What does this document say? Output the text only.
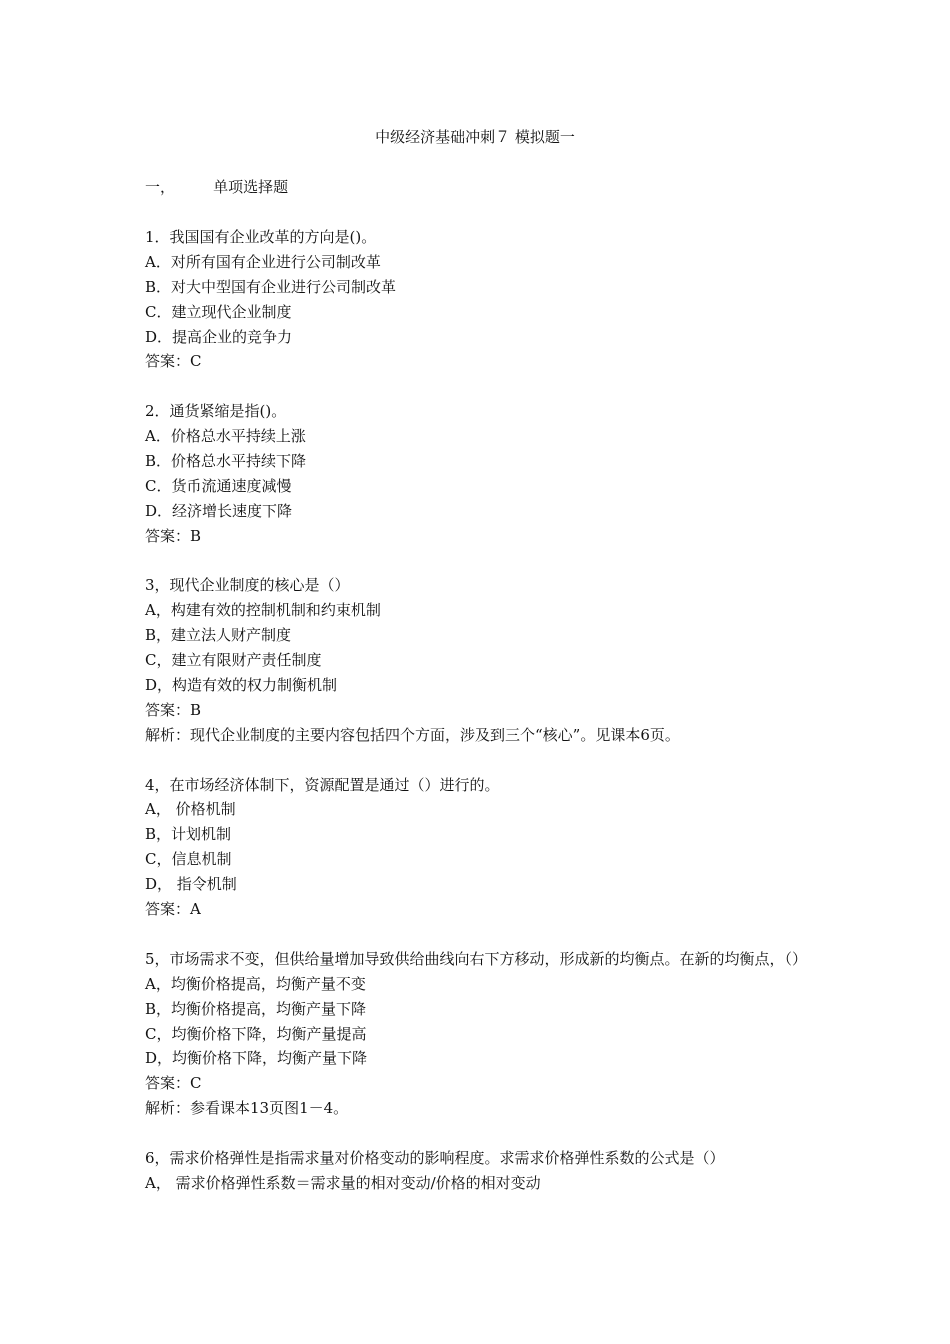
中级经济基础冲刺７ 模拟题一
一，        单项选择题
1．我国国有企业改革的方向是()。
A．对所有国有企业进行公司制改革
B．对大中型国有企业进行公司制改革
C．建立现代企业制度
D．提高企业的竞争力
答案：C
2．通货紧缩是指()。
A．价格总水平持续上涨
B．价格总水平持续下降
C．货币流通速度减慢
D．经济增长速度下降
答案：B
3，现代企业制度的核心是（）
A，构建有效的控制机制和约束机制
B，建立法人财产制度
C，建立有限财产责任制度
D，构造有效的权力制衡机制
答案：B
解析：现代企业制度的主要内容包括四个方面，涉及到三个“核心”。见课本6页。
4，在市场经济体制下，资源配置是通过（）进行的。
A， 价格机制
B，计划机制
C，信息机制
D， 指令机制
答案：A
5，市场需求不变，但供给量增加导致供给曲线向右下方移动，形成新的均衡点。在新的均衡点，（）
A，均衡价格提高，均衡产量不变
B，均衡价格提高，均衡产量下降
C，均衡价格下降，均衡产量提高
D，均衡价格下降，均衡产量下降
答案：C
解析：参看课本13页图1－4。
6，需求价格弹性是指需求量对价格变动的影响程度。求需求价格弹性系数的公式是（）
A， 需求价格弹性系数＝需求量的相对变动/价格的相对变动
